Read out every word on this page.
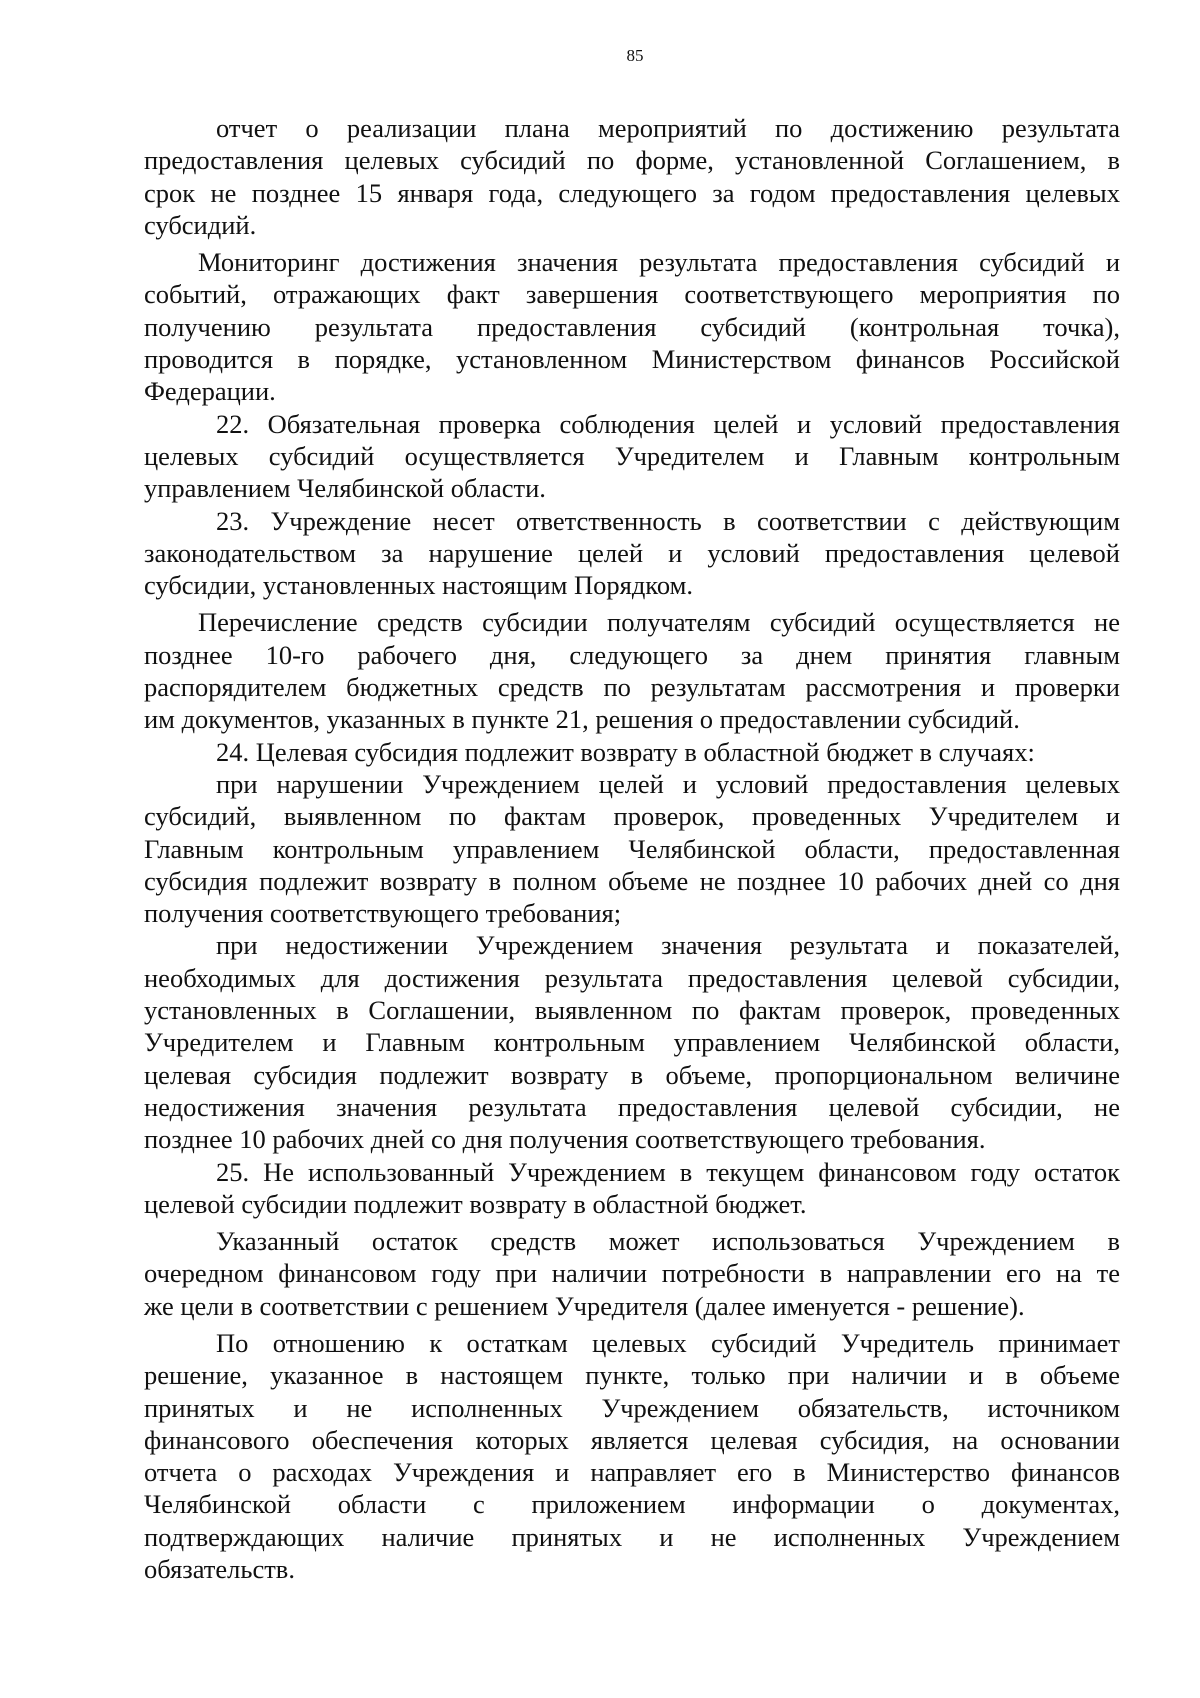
85
отчет о реализации плана мероприятий по достижению результата
предоставления целевых субсидий по форме, установленной Соглашением, в
срок не позднее 15 января года, следующего за годом предоставления целевых
субсидий.
Мониторинг достижения значения результата предоставления субсидий и
событий, отражающих факт завершения соответствующего мероприятия по
получению результата предоставления субсидий (контрольная точка),
проводится в порядке, установленном Министерством финансов Российской
Федерации.
22. Обязательная проверка соблюдения целей и условий предоставления
целевых субсидий осуществляется Учредителем и Главным контрольным
управлением Челябинской области.
23. Учреждение несет ответственность в соответствии с действующим
законодательством за нарушение целей и условий предоставления целевой
субсидии, установленных настоящим Порядком.
Перечисление средств субсидии получателям субсидий осуществляется не
позднее 10-го рабочего дня, следующего за днем принятия главным
распорядителем бюджетных средств по результатам рассмотрения и проверки
им документов, указанных в пункте 21, решения о предоставлении субсидий.
24. Целевая субсидия подлежит возврату в областной бюджет в случаях:
при нарушении Учреждением целей и условий предоставления целевых
субсидий, выявленном по фактам проверок, проведенных Учредителем и
Главным контрольным управлением Челябинской области, предоставленная
субсидия подлежит возврату в полном объеме не позднее 10 рабочих дней со дня
получения соответствующего требования;
при недостижении Учреждением значения результата и показателей,
необходимых для достижения результата предоставления целевой субсидии,
установленных в Соглашении, выявленном по фактам проверок, проведенных
Учредителем и Главным контрольным управлением Челябинской области,
целевая субсидия подлежит возврату в объеме, пропорциональном величине
недостижения значения результата предоставления целевой субсидии, не
позднее 10 рабочих дней со дня получения соответствующего требования.
25. Не использованный Учреждением в текущем финансовом году остаток
целевой субсидии подлежит возврату в областной бюджет.
Указанный остаток средств может использоваться Учреждением в
очередном финансовом году при наличии потребности в направлении его на те
же цели в соответствии с решением Учредителя (далее именуется - решение).
По отношению к остаткам целевых субсидий Учредитель принимает
решение, указанное в настоящем пункте, только при наличии и в объеме
принятых и не исполненных Учреждением обязательств, источником
финансового обеспечения которых является целевая субсидия, на основании
отчета о расходах Учреждения и направляет его в Министерство финансов
Челябинской области с приложением информации о документах,
подтверждающих наличие принятых и не исполненных Учреждением
обязательств.
